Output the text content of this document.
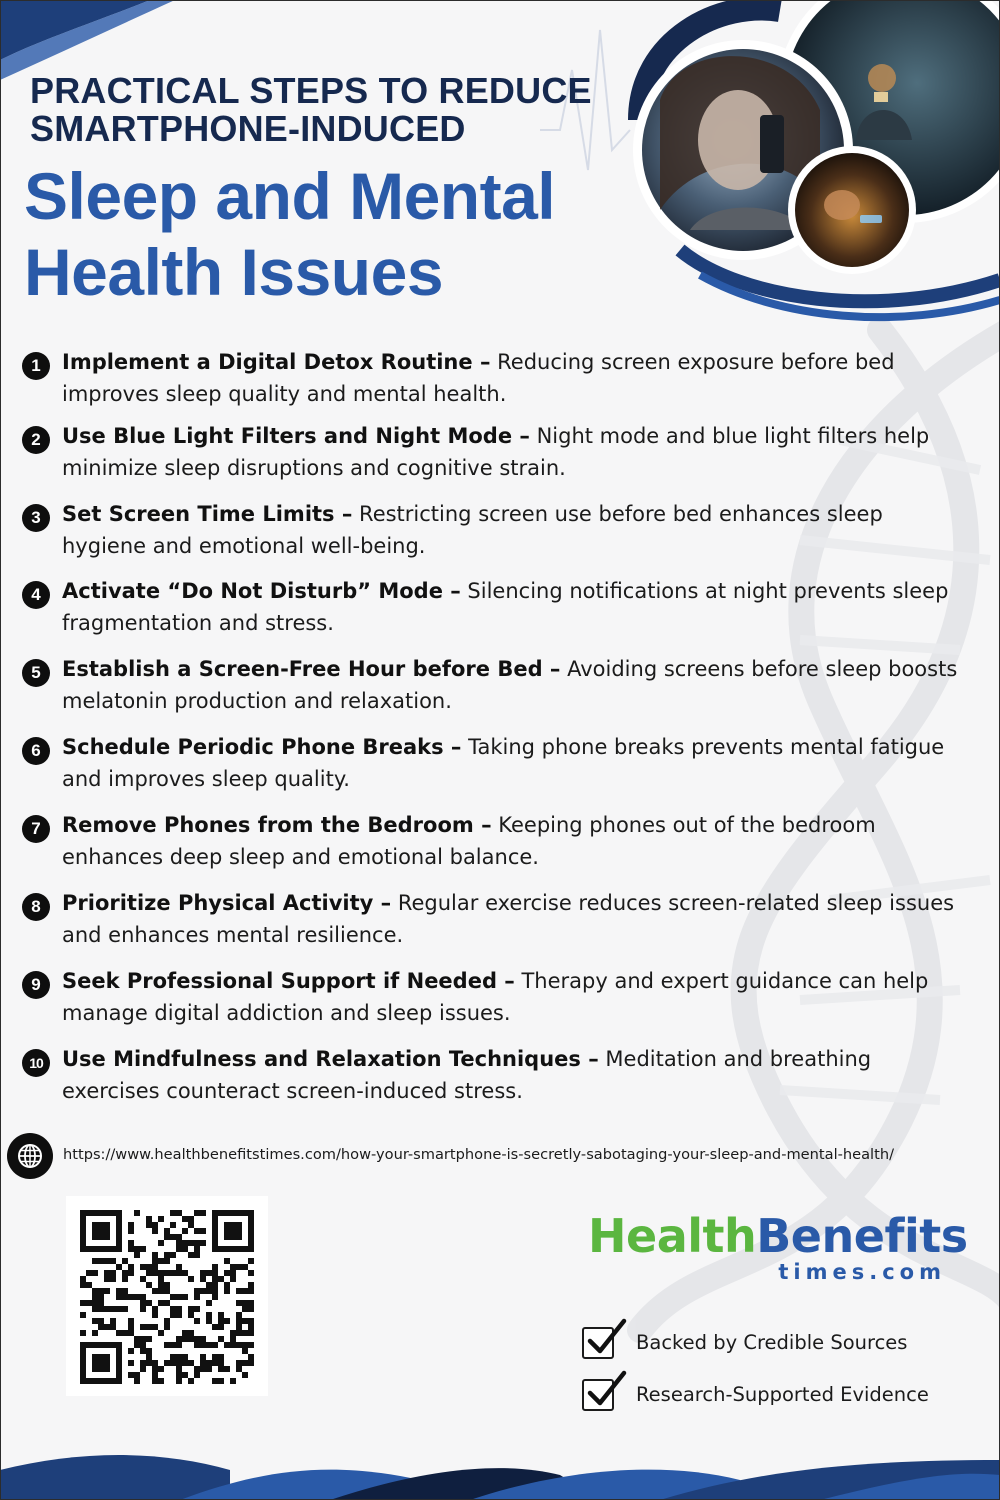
PRACTICAL STEPS TO REDUCE
SMARTPHONE-INDUCED
Sleep and Mental
Health Issues
1	Implement a Digital Detox Routine – Reducing screen exposure before bed
improves sleep quality and mental health.
2	Use Blue Light Filters and Night Mode – Night mode and blue light filters help
minimize sleep disruptions and cognitive strain.
3	Set Screen Time Limits – Restricting screen use before bed enhances sleep
hygiene and emotional well-being.
4	Activate “Do Not Disturb” Mode – Silencing notifications at night prevents sleep
fragmentation and stress.
5	Establish a Screen-Free Hour before Bed – Avoiding screens before sleep boosts
melatonin production and relaxation.
6	Schedule Periodic Phone Breaks – Taking phone breaks prevents mental fatigue
and improves sleep quality.
7	Remove Phones from the Bedroom – Keeping phones out of the bedroom
enhances deep sleep and emotional balance.
8	Prioritize Physical Activity – Regular exercise reduces screen-related sleep issues
and enhances mental resilience.
9	Seek Professional Support if Needed – Therapy and expert guidance can help
manage digital addiction and sleep issues.
10 Use Mindfulness and Relaxation Techniques – Meditation and breathing
exercises counteract screen-induced stress.
https://www.healthbenefitstimes.com/how-your-smartphone-is-secretly-sabotaging-your-sleep-and-mental-health/
HealthBenefits
times.com
Backed by Credible Sources
Research-Supported Evidence
